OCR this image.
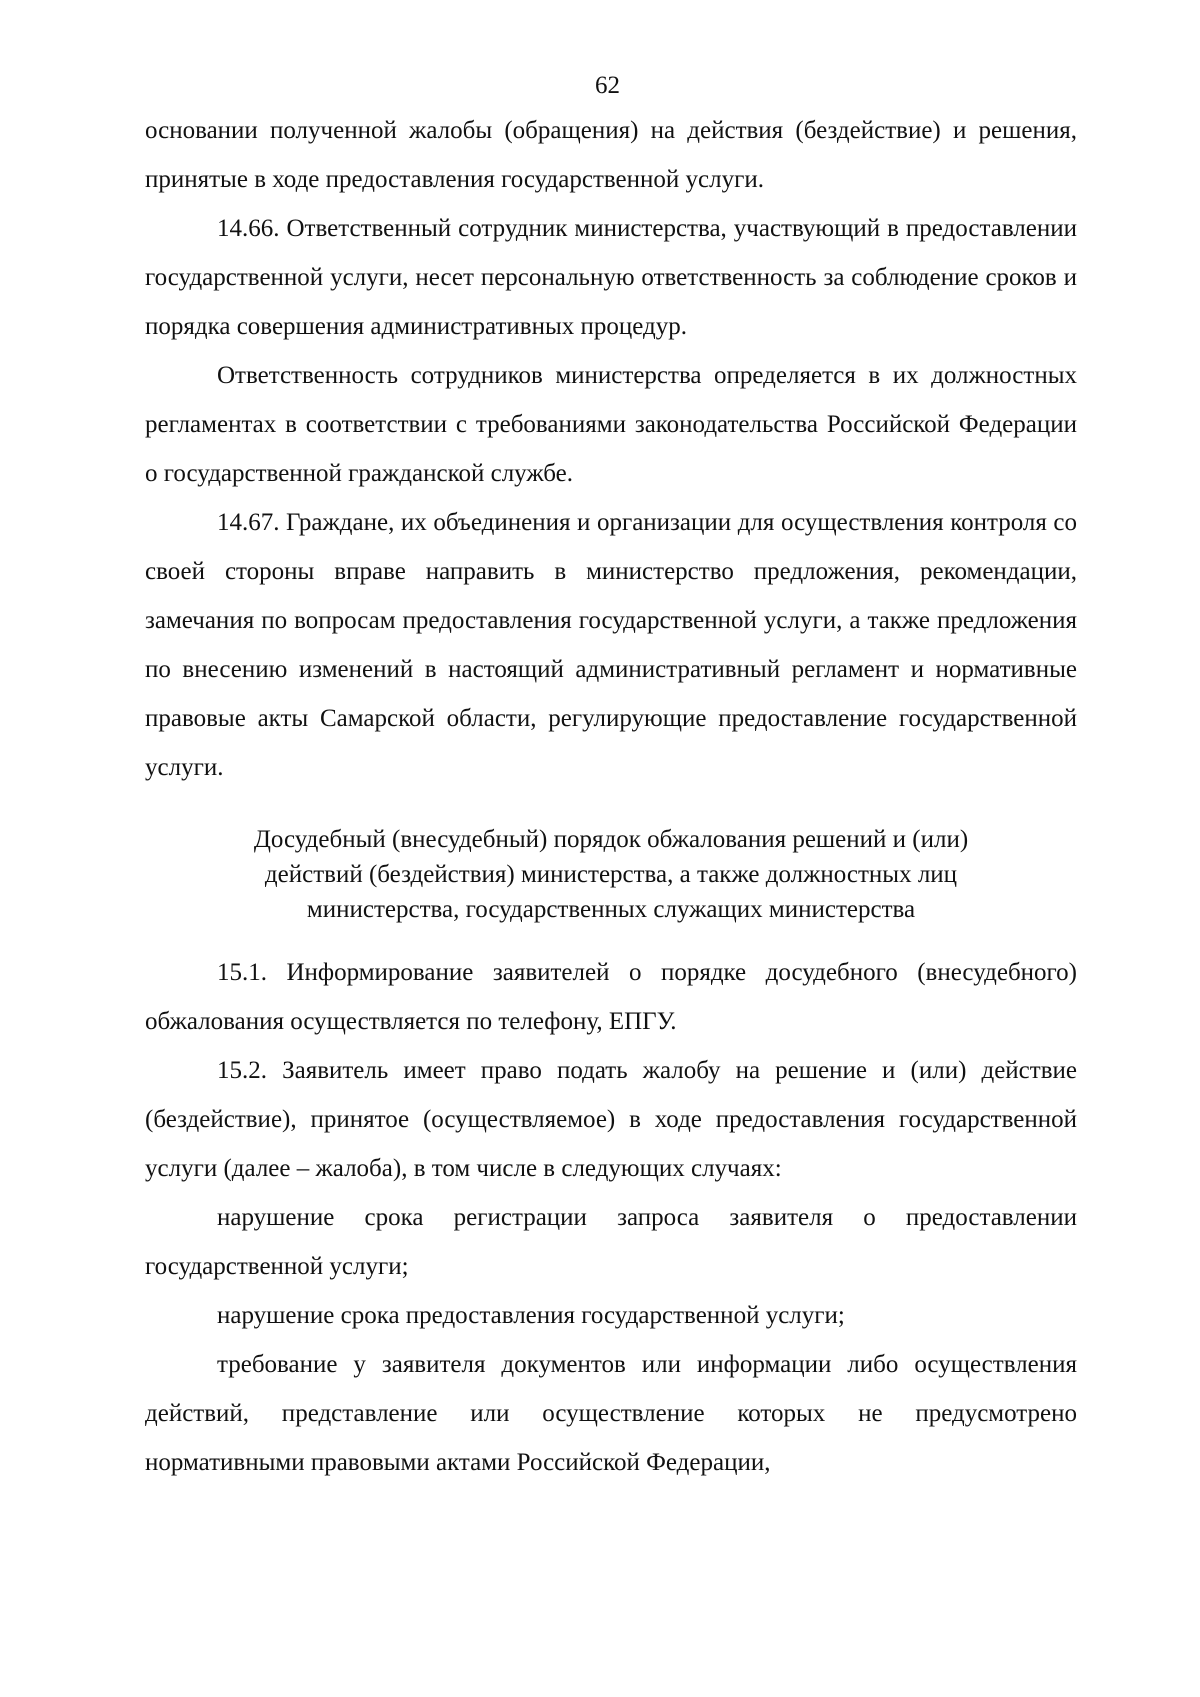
62

основании полученной жалобы (обращения) на действия (бездействие) и решения, принятые в ходе предоставления государственной услуги.

14.66. Ответственный сотрудник министерства, участвующий в предоставлении государственной услуги, несет персональную ответственность за соблюдение сроков и порядка совершения административных процедур.

Ответственность сотрудников министерства определяется в их должностных регламентах в соответствии с требованиями законодательства Российской Федерации о государственной гражданской службе.

14.67. Граждане, их объединения и организации для осуществления контроля со своей стороны вправе направить в министерство предложения, рекомендации, замечания по вопросам предоставления государственной услуги, а также предложения по внесению изменений в настоящий административный регламент и нормативные правовые акты Самарской области, регулирующие предоставление государственной услуги.

Досудебный (внесудебный) порядок обжалования решений и (или)
действий (бездействия) министерства, а также должностных лиц
министерства, государственных служащих министерства

15.1. Информирование заявителей о порядке досудебного (внесудебного) обжалования осуществляется по телефону, ЕПГУ.

15.2. Заявитель имеет право подать жалобу на решение и (или) действие (бездействие), принятое (осуществляемое) в ходе предоставления государственной услуги (далее – жалоба), в том числе в следующих случаях:

нарушение срока регистрации запроса заявителя о предоставлении государственной услуги;

нарушение срока предоставления государственной услуги;

требование у заявителя документов или информации либо осуществления действий, представление или осуществление которых не предусмотрено нормативными правовыми актами Российской Федерации,
